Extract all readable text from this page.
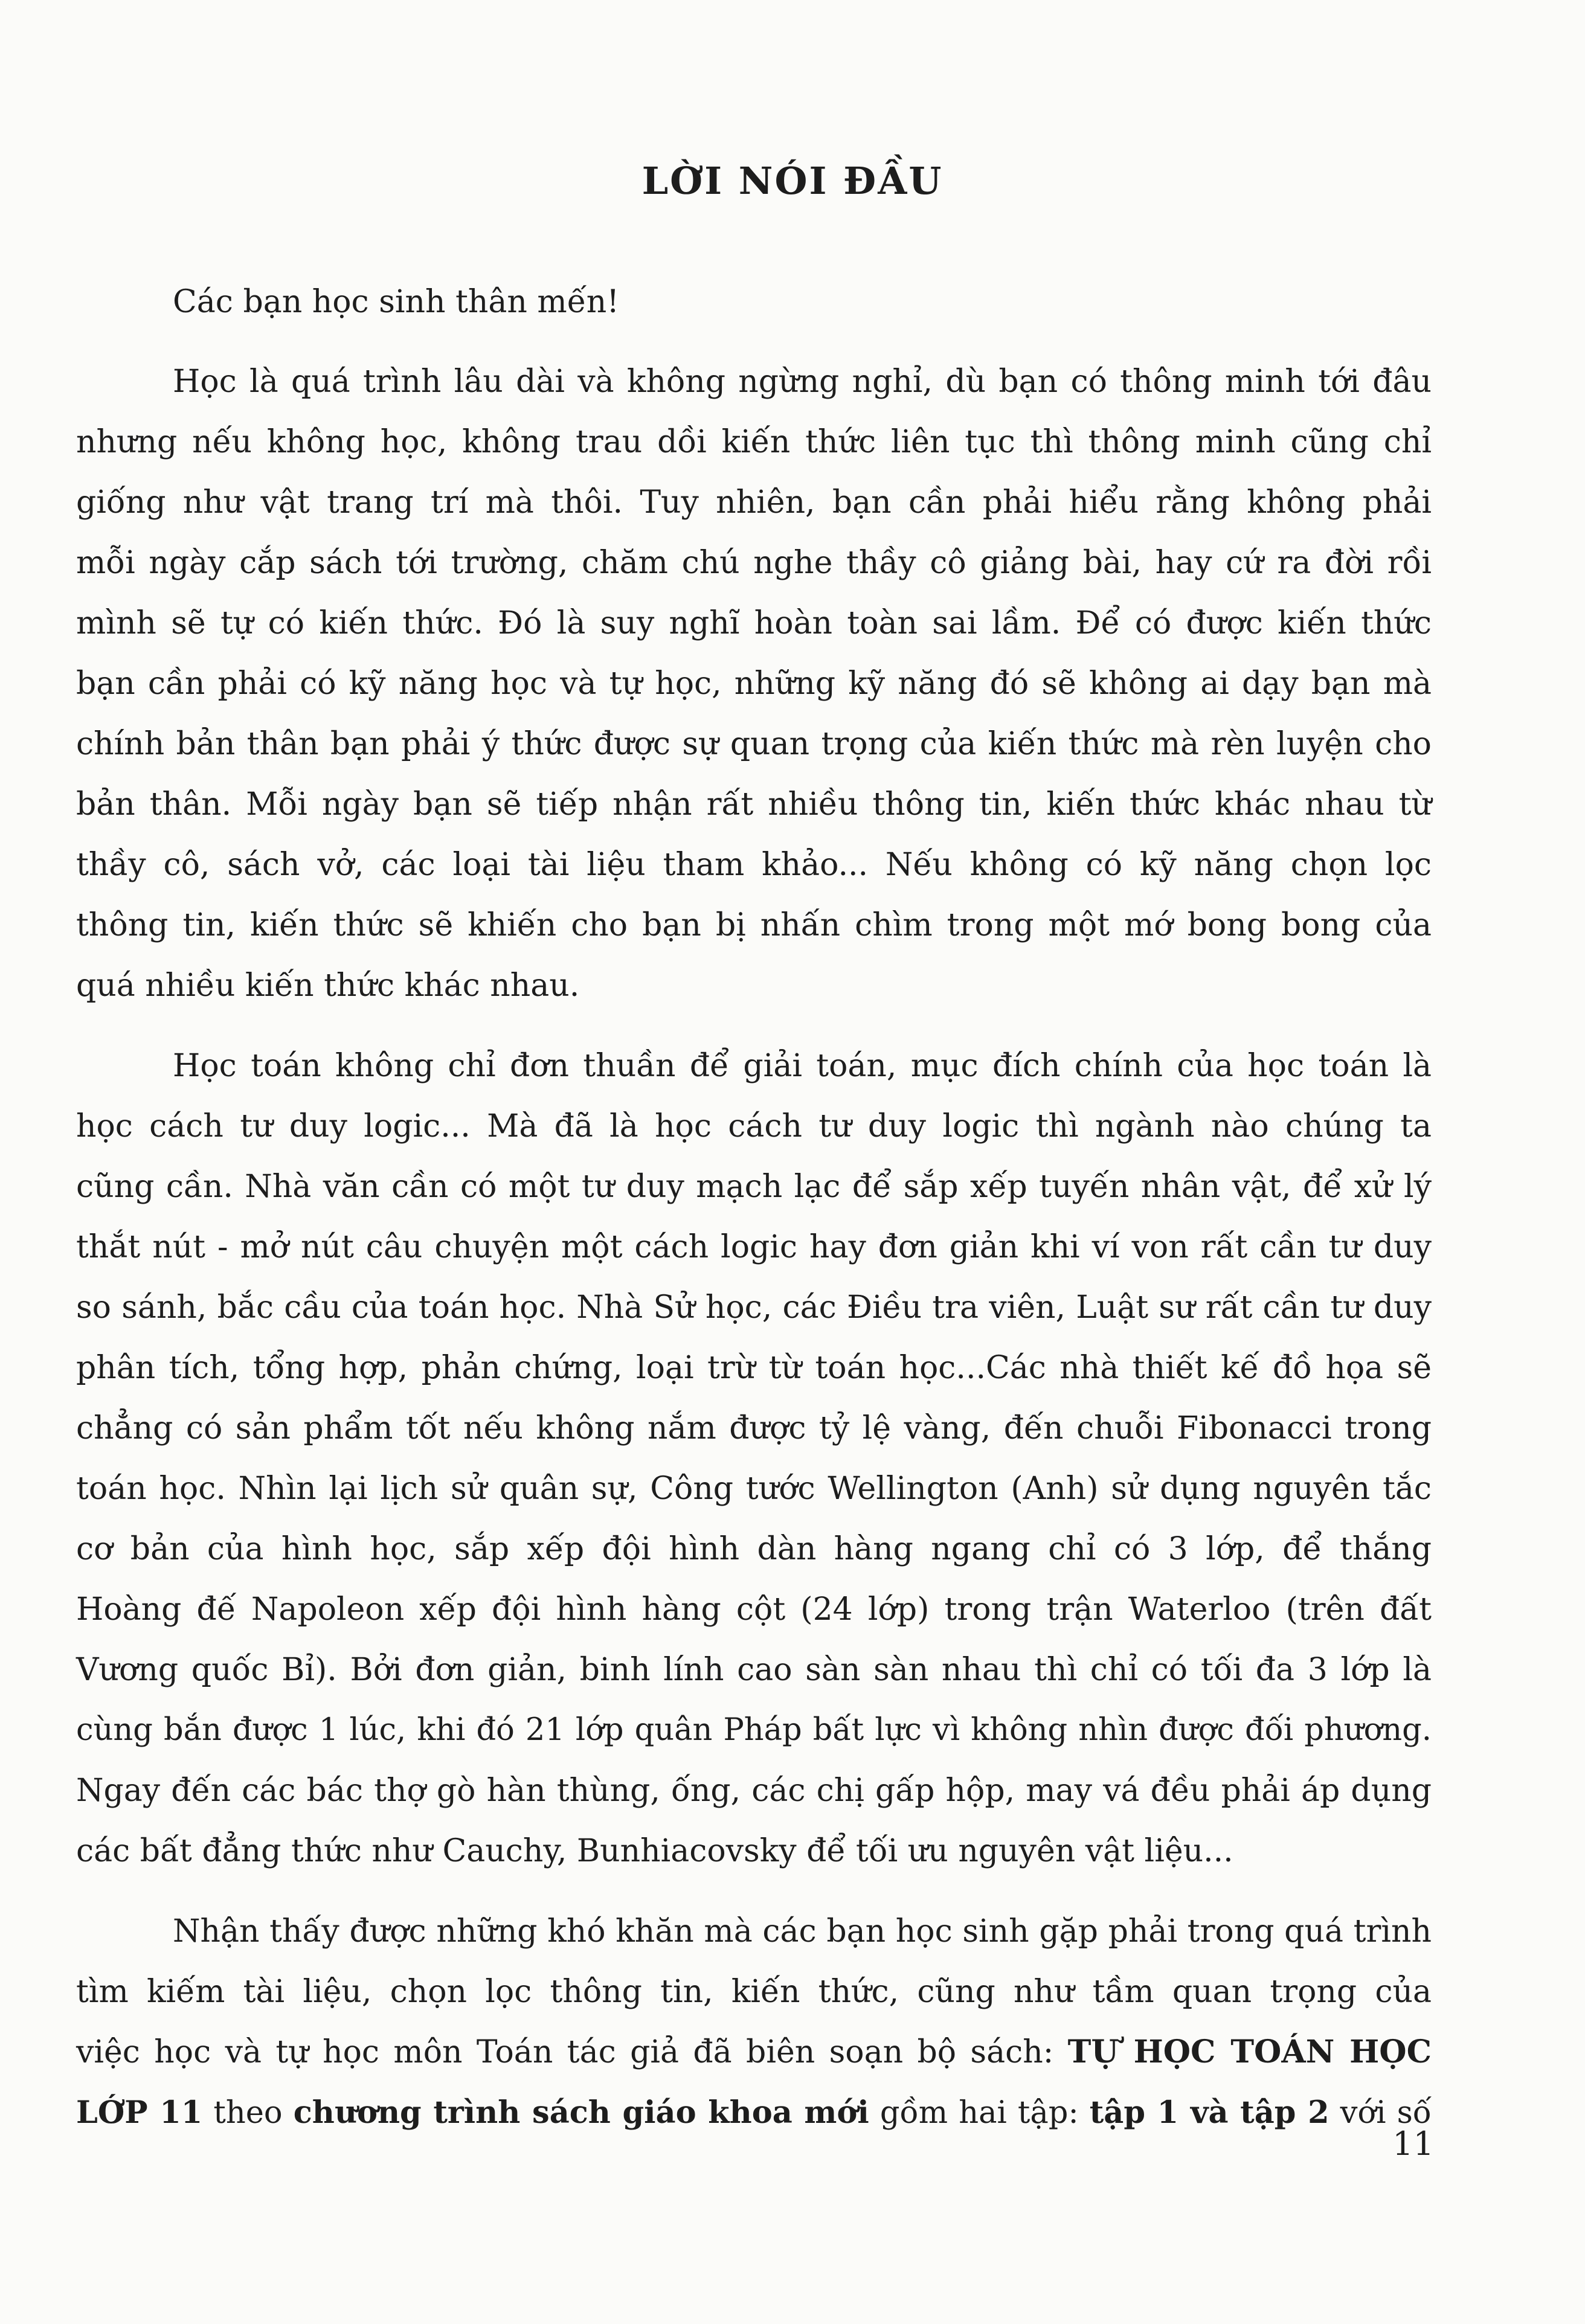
LỜI NÓI ĐẦU
Các bạn học sinh thân mến!
Học là quá trình lâu dài và không ngừng nghỉ, dù bạn có thông minh tới đâu
nhưng nếu không học, không trau dồi kiến thức liên tục thì thông minh cũng chỉ
giống như vật trang trí mà thôi. Tuy nhiên, bạn cần phải hiểu rằng không phải
mỗi ngày cắp sách tới trường, chăm chú nghe thầy cô giảng bài, hay cứ ra đời rồi
mình sẽ tự có kiến thức. Đó là suy nghĩ hoàn toàn sai lầm. Để có được kiến thức
bạn cần phải có kỹ năng học và tự học, những kỹ năng đó sẽ không ai dạy bạn mà
chính bản thân bạn phải ý thức được sự quan trọng của kiến thức mà rèn luyện cho
bản thân. Mỗi ngày bạn sẽ tiếp nhận rất nhiều thông tin, kiến thức khác nhau từ
thầy cô, sách vở, các loại tài liệu tham khảo... Nếu không có kỹ năng chọn lọc
thông tin, kiến thức sẽ khiến cho bạn bị nhấn chìm trong một mớ bong bong của
quá nhiều kiến thức khác nhau.
Học toán không chỉ đơn thuần để giải toán, mục đích chính của học toán là
học cách tư duy logic... Mà đã là học cách tư duy logic thì ngành nào chúng ta
cũng cần. Nhà văn cần có một tư duy mạch lạc để sắp xếp tuyến nhân vật, để xử lý
thắt nút - mở nút câu chuyện một cách logic hay đơn giản khi ví von rất cần tư duy
so sánh, bắc cầu của toán học. Nhà Sử học, các Điều tra viên, Luật sư rất cần tư duy
phân tích, tổng hợp, phản chứng, loại trừ từ toán học...Các nhà thiết kế đồ họa sẽ
chẳng có sản phẩm tốt nếu không nắm được tỷ lệ vàng, đến chuỗi Fibonacci trong
toán học. Nhìn lại lịch sử quân sự, Công tước Wellington (Anh) sử dụng nguyên tắc
cơ bản của hình học, sắp xếp đội hình dàn hàng ngang chỉ có 3 lớp, để thắng
Hoàng đế Napoleon xếp đội hình hàng cột (24 lớp) trong trận Waterloo (trên đất
Vương quốc Bỉ). Bởi đơn giản, binh lính cao sàn sàn nhau thì chỉ có tối đa 3 lớp là
cùng bắn được 1 lúc, khi đó 21 lớp quân Pháp bất lực vì không nhìn được đối phương.
Ngay đến các bác thợ gò hàn thùng, ống, các chị gấp hộp, may vá đều phải áp dụng
các bất đẳng thức như Cauchy, Bunhiacovsky để tối ưu nguyên vật liệu...
Nhận thấy được những khó khăn mà các bạn học sinh gặp phải trong quá trình
tìm kiếm tài liệu, chọn lọc thông tin, kiến thức, cũng như tầm quan trọng của
việc học và tự học môn Toán tác giả đã biên soạn bộ sách: TỰ HỌC TOÁN HỌC
LỚP 11 theo chương trình sách giáo khoa mới gồm hai tập: tập 1 và tập 2 với số
11
